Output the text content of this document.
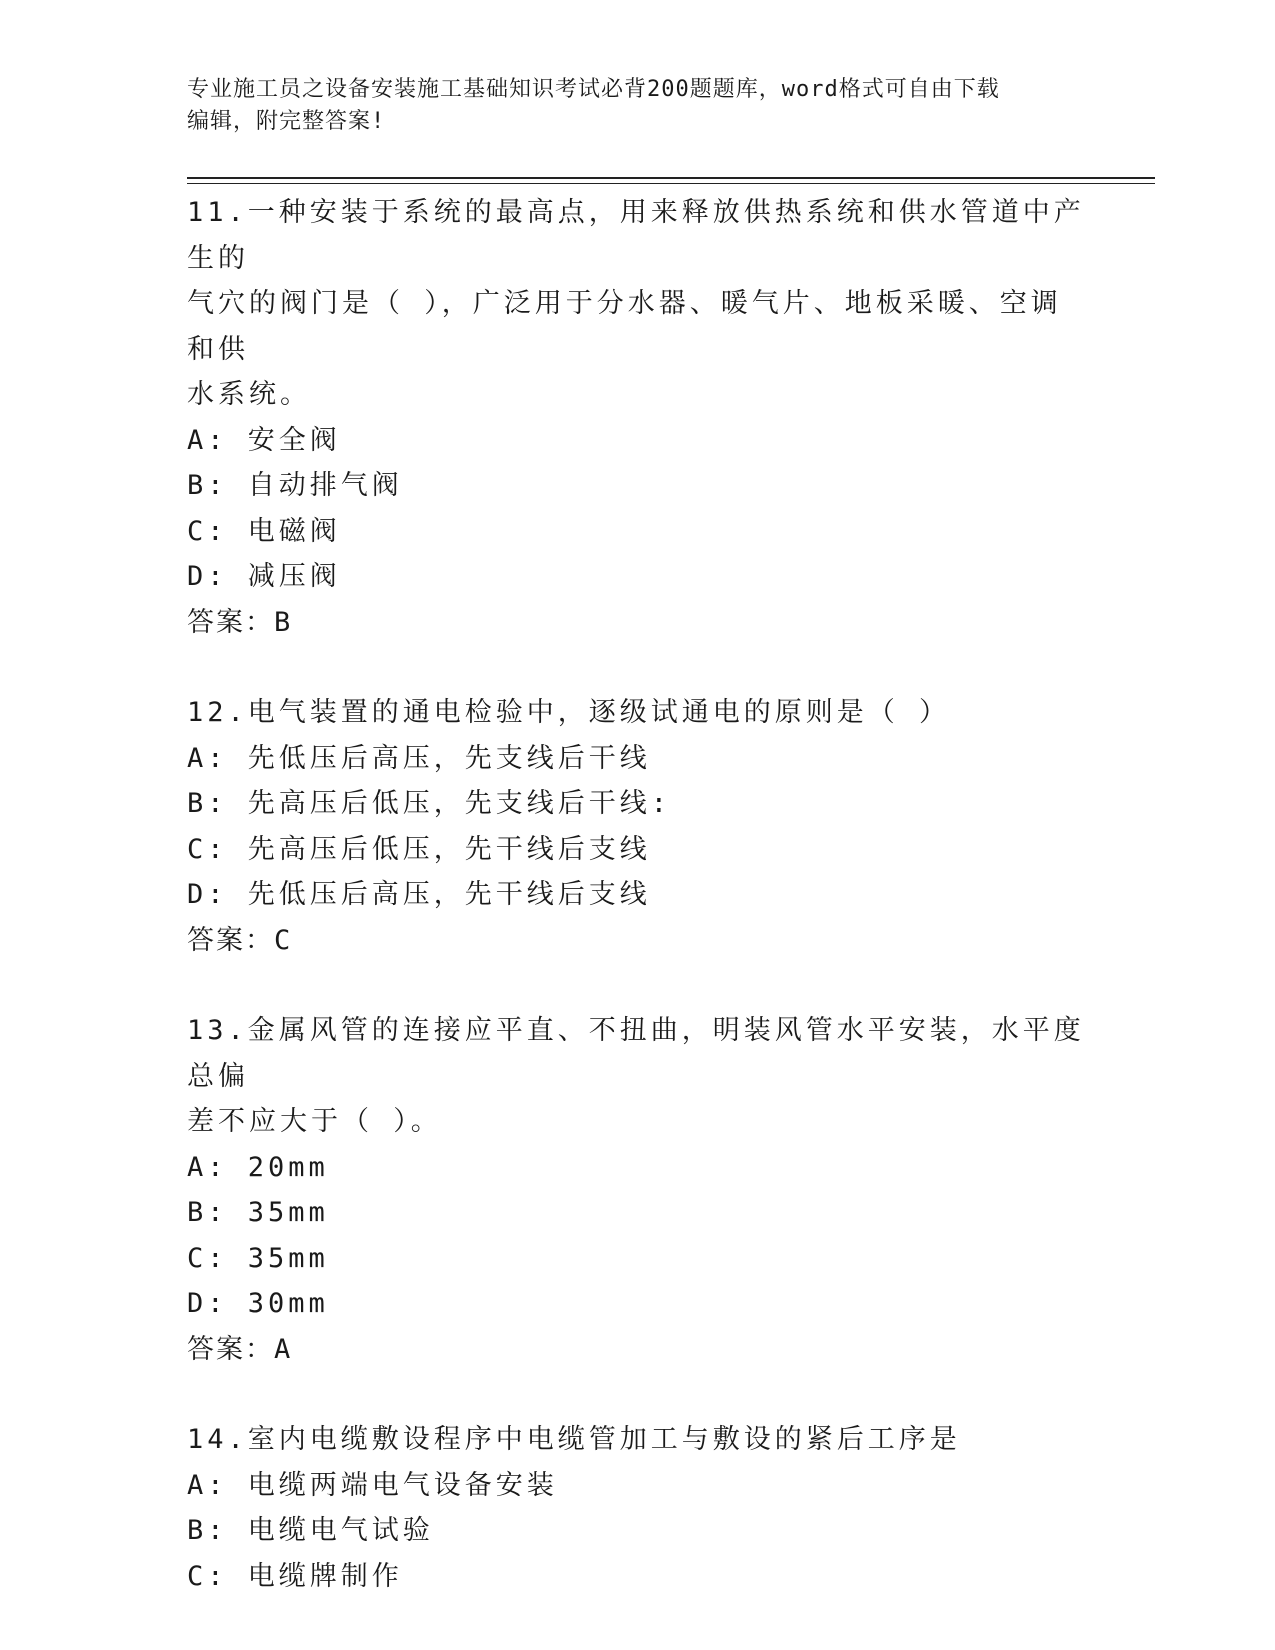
专业施工员之设备安装施工基础知识考试必背200题题库，word格式可自由下载
编辑，附完整答案!
11.一种安装于系统的最高点，用来释放供热系统和供水管道中产生的
气穴的阀门是（ ），广泛用于分水器、暖气片、地板采暖、空调和供
水系统。
A: 安全阀
B: 自动排气阀
C: 电磁阀
D: 减压阀
答案：B
12.电气装置的通电检验中，逐级试通电的原则是（ ）
A: 先低压后高压，先支线后干线
B: 先高压后低压，先支线后干线:
C: 先高压后低压，先干线后支线
D: 先低压后高压，先干线后支线
答案：C
13.金属风管的连接应平直、不扭曲，明装风管水平安装，水平度总偏
差不应大于（ ）。
A: 20mm
B: 35mm
C: 35mm
D: 30mm
答案：A
14.室内电缆敷设程序中电缆管加工与敷设的紧后工序是
A: 电缆两端电气设备安装
B: 电缆电气试验
C: 电缆牌制作
